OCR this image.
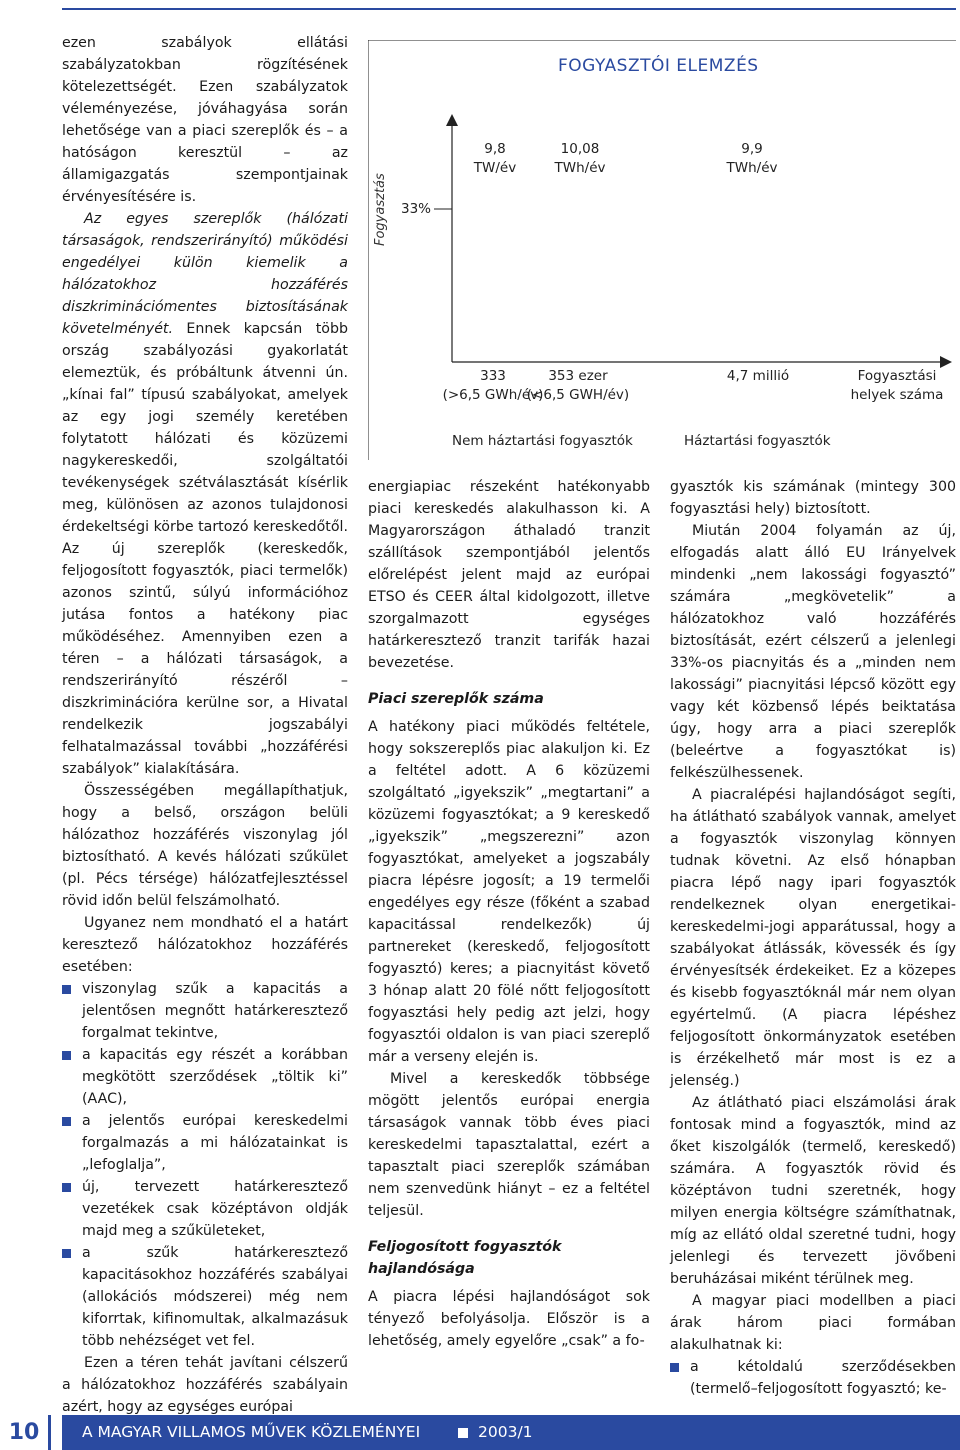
ezen szabályok ellátási szabályzatokban rögzítésének kötelezettségét. Ezen szabályzatok véleményezése, jóváhagyása során lehetősége van a piaci szereplők és – a hatóságon keresztül – az államigazgatás szempontjainak érvényesítésére is.

Az egyes szereplők (hálózati társaságok, rendszerirányító) működési engedélyei külön kiemelik a hálózatokhoz hozzáférés diszkriminációmentes biztosításának követelményét. Ennek kapcsán több ország szabályozási gyakorlatát elemeztük, és próbáltunk átvenni ún. „kínai fal” típusú szabályokat, amelyek az egy jogi személy keretében folytatott hálózati és közüzemi nagykereskedői, szolgáltatói tevékenységek szétválasztását kísérlik meg, különösen az azonos tulajdonosi érdekeltségi körbe tartozó kereskedőtől. Az új szereplők (kereskedők, feljogosított fogyasztók, piaci termelők) azonos szintű, súlyú információhoz jutása fontos a hatékony piac működéséhez. Amennyiben ezen a téren – a hálózati társaságok, a rendszerirányító részéről – diszkriminációra kerülne sor, a Hivatal rendelkezik jogszabályi felhatalmazással további „hozzáférési szabályok” kialakítására.

Összességében megállapíthatjuk, hogy a belső, országon belüli hálózathoz hozzáférés viszonylag jól biztosítható. A kevés hálózati szűkület (pl. Pécs térsége) hálózatfejlesztéssel rövid időn belül felszámolható.

Ugyanez nem mondható el a határt keresztező hálózatokhoz hozzáférés esetében:

viszonylag szűk a kapacitás a jelentősen megnőtt határkeresztező forgalmat tekintve,
a kapacitás egy részét a korábban megkötött szerződések „töltik ki” (AAC),
a jelentős európai kereskedelmi forgalmazás a mi hálózatainkat is „lefoglalja”,
új, tervezett határkeresztező vezetékek csak középtávon oldják majd meg a szűkületeket,
a szűk határkeresztező kapacitásokhoz hozzáférés szabályai (allokációs módszerei) még nem kiforrtak, kifinomultak, alkalmazásuk több nehézséget vet fel.

Ezen a téren tehát javítani célszerű a hálózatokhoz hozzáférés szabályain azért, hogy az egységes európai

FOGYASZTÓI ELEMZÉS
Fogyasztás 33%
9,8
TW/év
10,08
TWh/év
9,9
TWh/év
333
(>6,5 GWh/év)
353 ezer
(<6,5 GWH/év)
4,7 millió	Fogyasztási
helyek száma
Nem háztartási fogyasztók	Háztartási fogyasztók

energiapiac részeként hatékonyabb piaci kereskedés alakulhasson ki. A Magyarországon áthaladó tranzit szállítások szempontjából jelentős előrelépést jelent majd az európai ETSO és CEER által kidolgozott, illetve szorgalmazott egységes határkeresztező tranzit tarifák hazai bevezetése.

Piaci szereplők száma

A hatékony piaci működés feltétele, hogy sokszereplős piac alakuljon ki. Ez a feltétel adott. A 6 közüzemi szolgáltató „igyekszik” „megtartani” a közüzemi fogyasztókat; a 9 kereskedő „igyekszik” „megszerezni” azon fogyasztókat, amelyeket a jogszabály piacra lépésre jogosít; a 19 termelői engedélyes egy része (főként a szabad kapacitással rendelkezők) új partnereket (kereskedő, feljogosított fogyasztó) keres; a piacnyitást követő 3 hónap alatt 20 fölé nőtt feljogosított fogyasztási hely pedig azt jelzi, hogy fogyasztói oldalon is van piaci szereplő már a verseny elején is.

Mivel a kereskedők többsége mögött jelentős európai energia társaságok vannak több éves piaci kereskedelmi tapasztalattal, ezért a tapasztalt piaci szereplők számában nem szenvedünk hiányt – ez a feltétel teljesül.

Feljogosított fogyasztók hajlandósága

A piacra lépési hajlandóságot sok tényező befolyásolja. Először is a lehetőség, amely egyelőre „csak” a fo-

gyasztók kis számának (mintegy 300 fogyasztási hely) biztosított.

Miután 2004 folyamán az új, elfogadás alatt álló EU Irányelvek mindenki „nem lakossági fogyasztó” számára „megkövetelik” a hálózatokhoz való hozzáférés biztosítását, ezért célszerű a jelenlegi 33%-os piacnyitás és a „minden nem lakossági” piacnyitási lépcső között egy vagy két közbenső lépés beiktatása úgy, hogy arra a piaci szereplők (beleértve a fogyasztókat is) felkészülhessenek.

A piacralépési hajlandóságot segíti, ha átlátható szabályok vannak, amelyet a fogyasztók viszonylag könnyen tudnak követni. Az első hónapban piacra lépő nagy ipari fogyasztók rendelkeznek olyan energetikai-kereskedelmi-jogi apparátussal, hogy a szabályokat átlássák, kövessék és így érvényesítsék érdekeiket. Ez a közepes és kisebb fogyasztóknál már nem olyan egyértelmű. (A piacra lépéshez feljogosított önkormányzatok esetében is érzékelhető már most is ez a jelenség.)

Az átlátható piaci elszámolási árak fontosak mind a fogyasztók, mind az őket kiszolgálók (termelő, kereskedő) számára. A fogyasztók rövid és középtávon tudni szeretnék, hogy milyen energia költségre számíthatnak, míg az ellátó oldal szeretné tudni, hogy jelenlegi és tervezett jövőbeni beruházásai miként térülnek meg.

A magyar piaci modellben a piaci árak három piaci formában alakulhatnak ki:

a kétoldalú szerződésekben (termelő–feljogosított fogyasztó; ke-
10	A MAGYAR VILLAMOS MŰVEK KÖZLEMÉNYEI	2003/1
